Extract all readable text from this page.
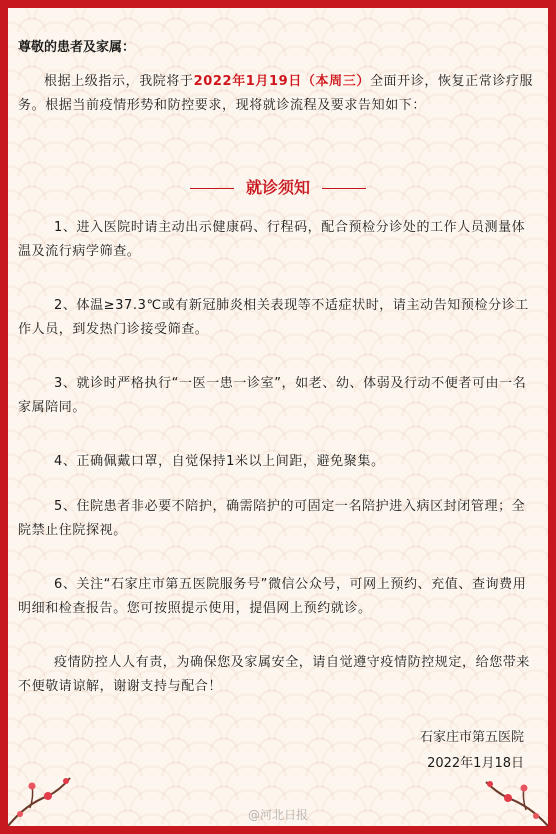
尊敬的患者及家属：
根据上级指示，我院将于2022年1月19日（本周三）全面开诊，恢复正常诊疗服务。根据当前疫情形势和防控要求，现将就诊流程及要求告知如下：
就诊须知
1、进入医院时请主动出示健康码、行程码，配合预检分诊处的工作人员测量体温及流行病学筛查。
2、体温≥37.3℃或有新冠肺炎相关表现等不适症状时，请主动告知预检分诊工作人员，到发热门诊接受筛查。
3、就诊时严格执行“一医一患一诊室”，如老、幼、体弱及行动不便者可由一名家属陪同。
4、正确佩戴口罩，自觉保持1米以上间距，避免聚集。
5、住院患者非必要不陪护，确需陪护的可固定一名陪护进入病区封闭管理；全院禁止住院探视。
6、关注“石家庄市第五医院服务号”微信公众号，可网上预约、充值、查询费用明细和检查报告。您可按照提示使用，提倡网上预约就诊。
疫情防控人人有责，为确保您及家属安全，请自觉遵守疫情防控规定，给您带来不便敬请谅解，谢谢支持与配合！
石家庄市第五医院
2022年1月18日
@河北日报
